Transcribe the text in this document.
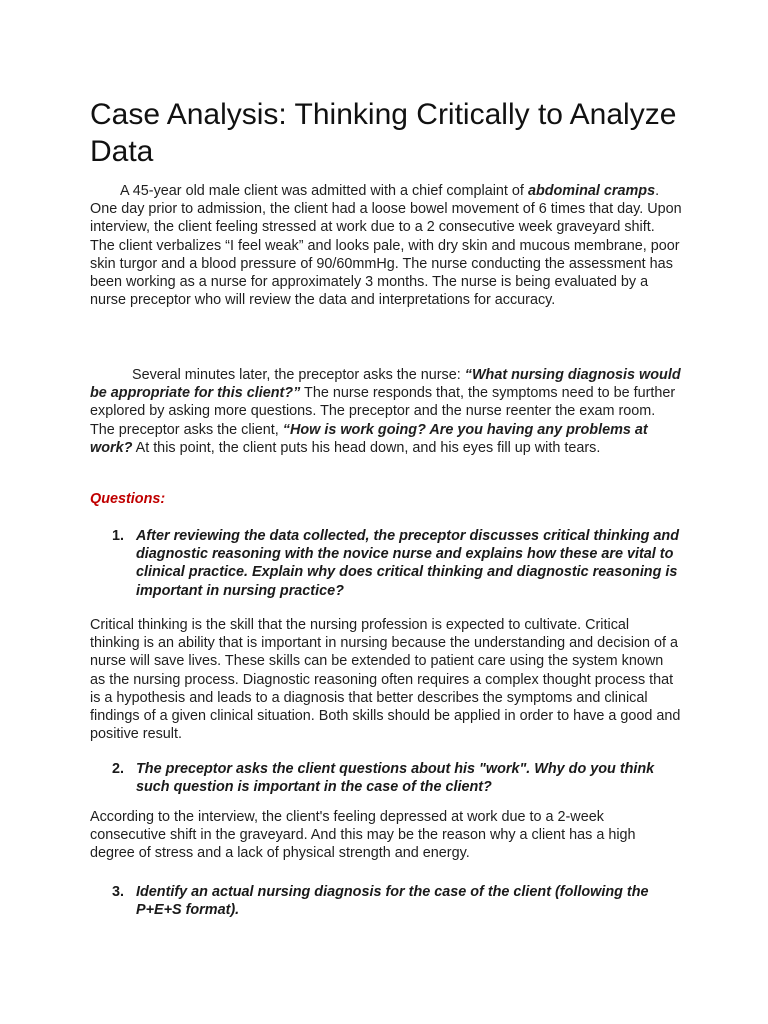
Case Analysis: Thinking Critically to Analyze Data

A 45-year old male client was admitted with a chief complaint of abdominal cramps. One day prior to admission, the client had a loose bowel movement of 6 times that day. Upon interview, the client feeling stressed at work due to a 2 consecutive week graveyard shift. The client verbalizes “I feel weak” and looks pale, with dry skin and mucous membrane, poor skin turgor and a blood pressure of 90/60mmHg. The nurse conducting the assessment has been working as a nurse for approximately 3 months. The nurse is being evaluated by a nurse preceptor who will review the data and interpretations for accuracy.

Several minutes later, the preceptor asks the nurse: “What nursing diagnosis would be appropriate for this client?” The nurse responds that, the symptoms need to be further explored by asking more questions. The preceptor and the nurse reenter the exam room. The preceptor asks the client, “How is work going? Are you having any problems at work? At this point, the client puts his head down, and his eyes fill up with tears.

Questions:

1. After reviewing the data collected, the preceptor discusses critical thinking and diagnostic reasoning with the novice nurse and explains how these are vital to clinical practice. Explain why does critical thinking and diagnostic reasoning is important in nursing practice?

Critical thinking is the skill that the nursing profession is expected to cultivate. Critical thinking is an ability that is important in nursing because the understanding and decision of a nurse will save lives. These skills can be extended to patient care using the system known as the nursing process. Diagnostic reasoning often requires a complex thought process that is a hypothesis and leads to a diagnosis that better describes the symptoms and clinical findings of a given clinical situation. Both skills should be applied in order to have a good and positive result.

2. The preceptor asks the client questions about his "work". Why do you think such question is important in the case of the client?

According to the interview, the client's feeling depressed at work due to a 2-week consecutive shift in the graveyard. And this may be the reason why a client has a high degree of stress and a lack of physical strength and energy.

3. Identify an actual nursing diagnosis for the case of the client (following the P+E+S format).
